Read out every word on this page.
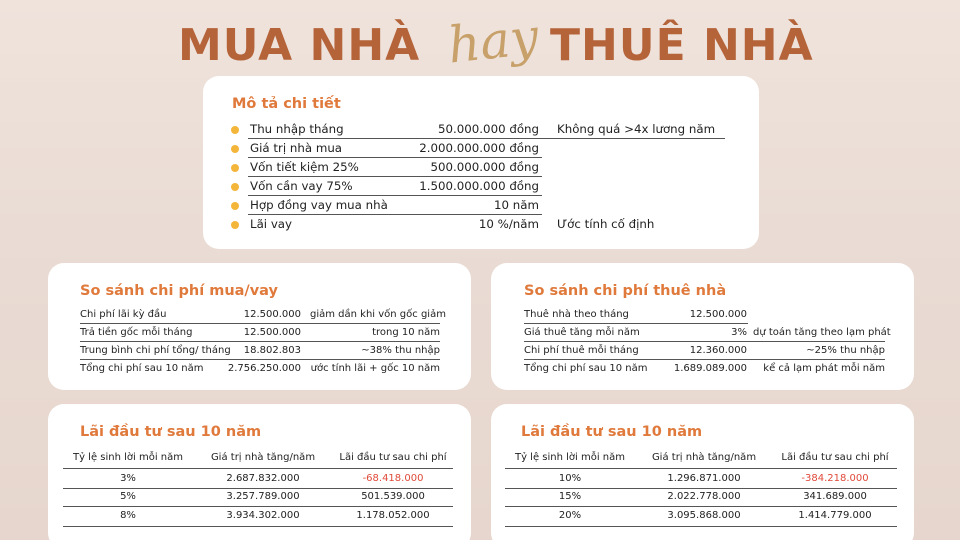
MUA NHÀ hay THUÊ NHÀ
Mô tả chi tiết
Thu nhập tháng	50.000.000 đồng Không quá >4x lương năm
Giá trị nhà mua	2.000.000.000 đồng
Vốn tiết kiệm 25%	500.000.000 đồng
Vốn cần vay 75%	1.500.000.000 đồng
Hợp đồng vay mua nhà	10 năm
Lãi vay	10 %/năm Ước tính cố định
So sánh chi phí mua/vay
Chi phí lãi kỳ đầu	12.500.000 giảm dần khi vốn gốc giảm
Trả tiền gốc mỗi tháng	12.500.000	trong 10 năm
Trung bình chi phí tổng/ tháng	18.802.803	~38% thu nhập
Tổng chi phí sau 10 năm	2.756.250.000 ước tính lãi + gốc 10 năm
So sánh chi phí thuê nhà
Thuê nhà theo tháng	12.500.000
Giá thuê tăng mỗi năm	3% dự toán tăng theo lạm phát
Chi phí thuê mỗi tháng	12.360.000	~25% thu nhập
Tổng chi phí sau 10 năm	1.689.089.000	kể cả lạm phát mỗi năm
Lãi đầu tư sau 10 năm
Tỷ lệ sinh lời mỗi năm	Giá trị nhà tăng/năm	Lãi đầu tư sau chi phí
3%	2.687.832.000	-68.418.000
5%	3.257.789.000	501.539.000
8%	3.934.302.000	1.178.052.000
Lãi đầu tư sau 10 năm
Tỷ lệ sinh lời mỗi năm	Giá trị nhà tăng/năm	Lãi đầu tư sau chi phí
10%	1.296.871.000	-384.218.000
15%	2.022.778.000	341.689.000
20%	3.095.868.000	1.414.779.000
